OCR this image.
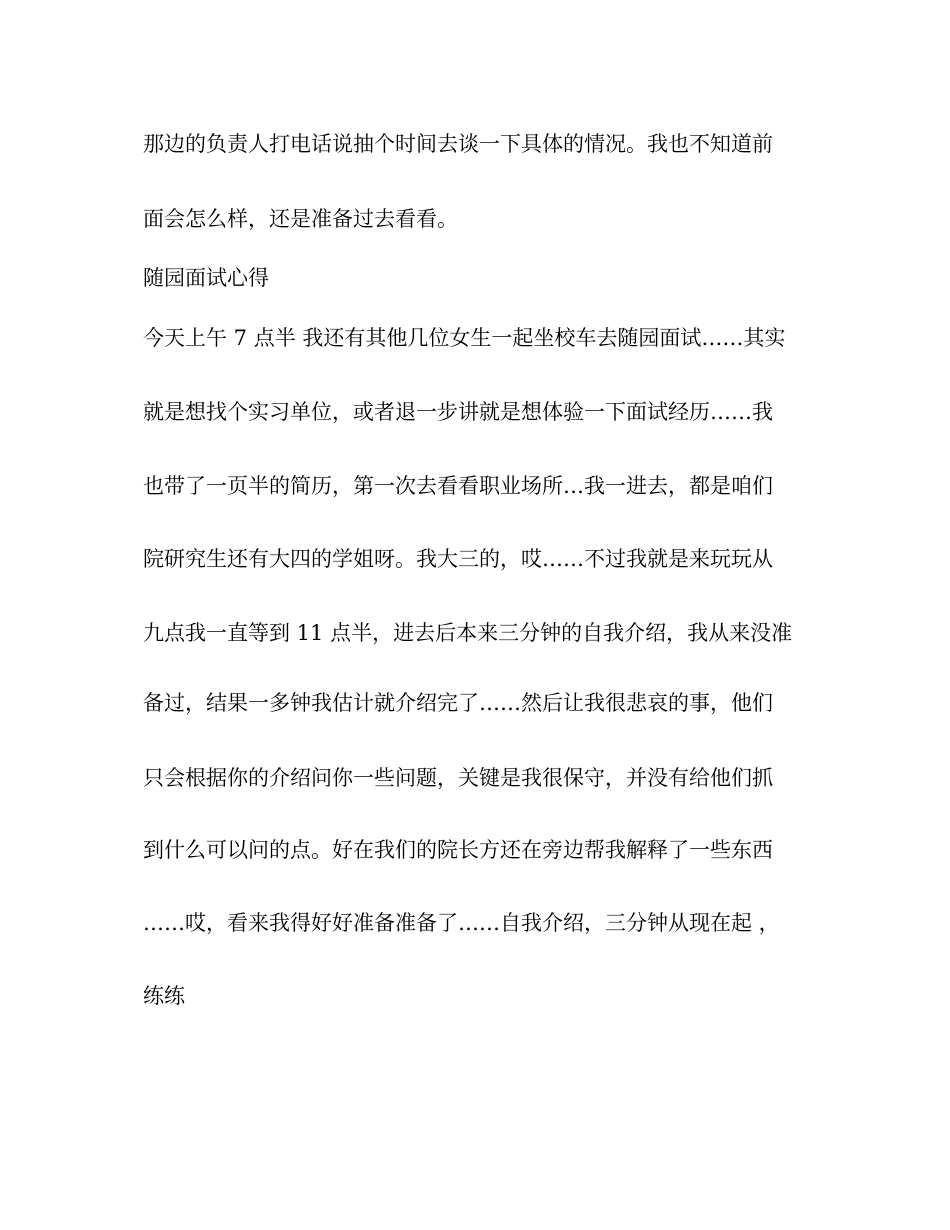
那边的负责人打电话说抽个时间去谈一下具体的情况。我也不知道前
面会怎么样，还是准备过去看看。
随园面试心得
今天上午 7 点半 我还有其他几位女生一起坐校车去随园面试……其实
就是想找个实习单位，或者退一步讲就是想体验一下面试经历……我
也带了一页半的简历，第一次去看看职业场所…我一进去，都是咱们
院研究生还有大四的学姐呀。我大三的，哎……不过我就是来玩玩从
九点我一直等到 11 点半，进去后本来三分钟的自我介绍，我从来没准
备过，结果一多钟我估计就介绍完了……然后让我很悲哀的事，他们
只会根据你的介绍问你一些问题，关键是我很保守，并没有给他们抓
到什么可以问的点。好在我们的院长方还在旁边帮我解释了一些东西
……哎，看来我得好好准备准备了……自我介绍，三分钟从现在起 ，
练练
